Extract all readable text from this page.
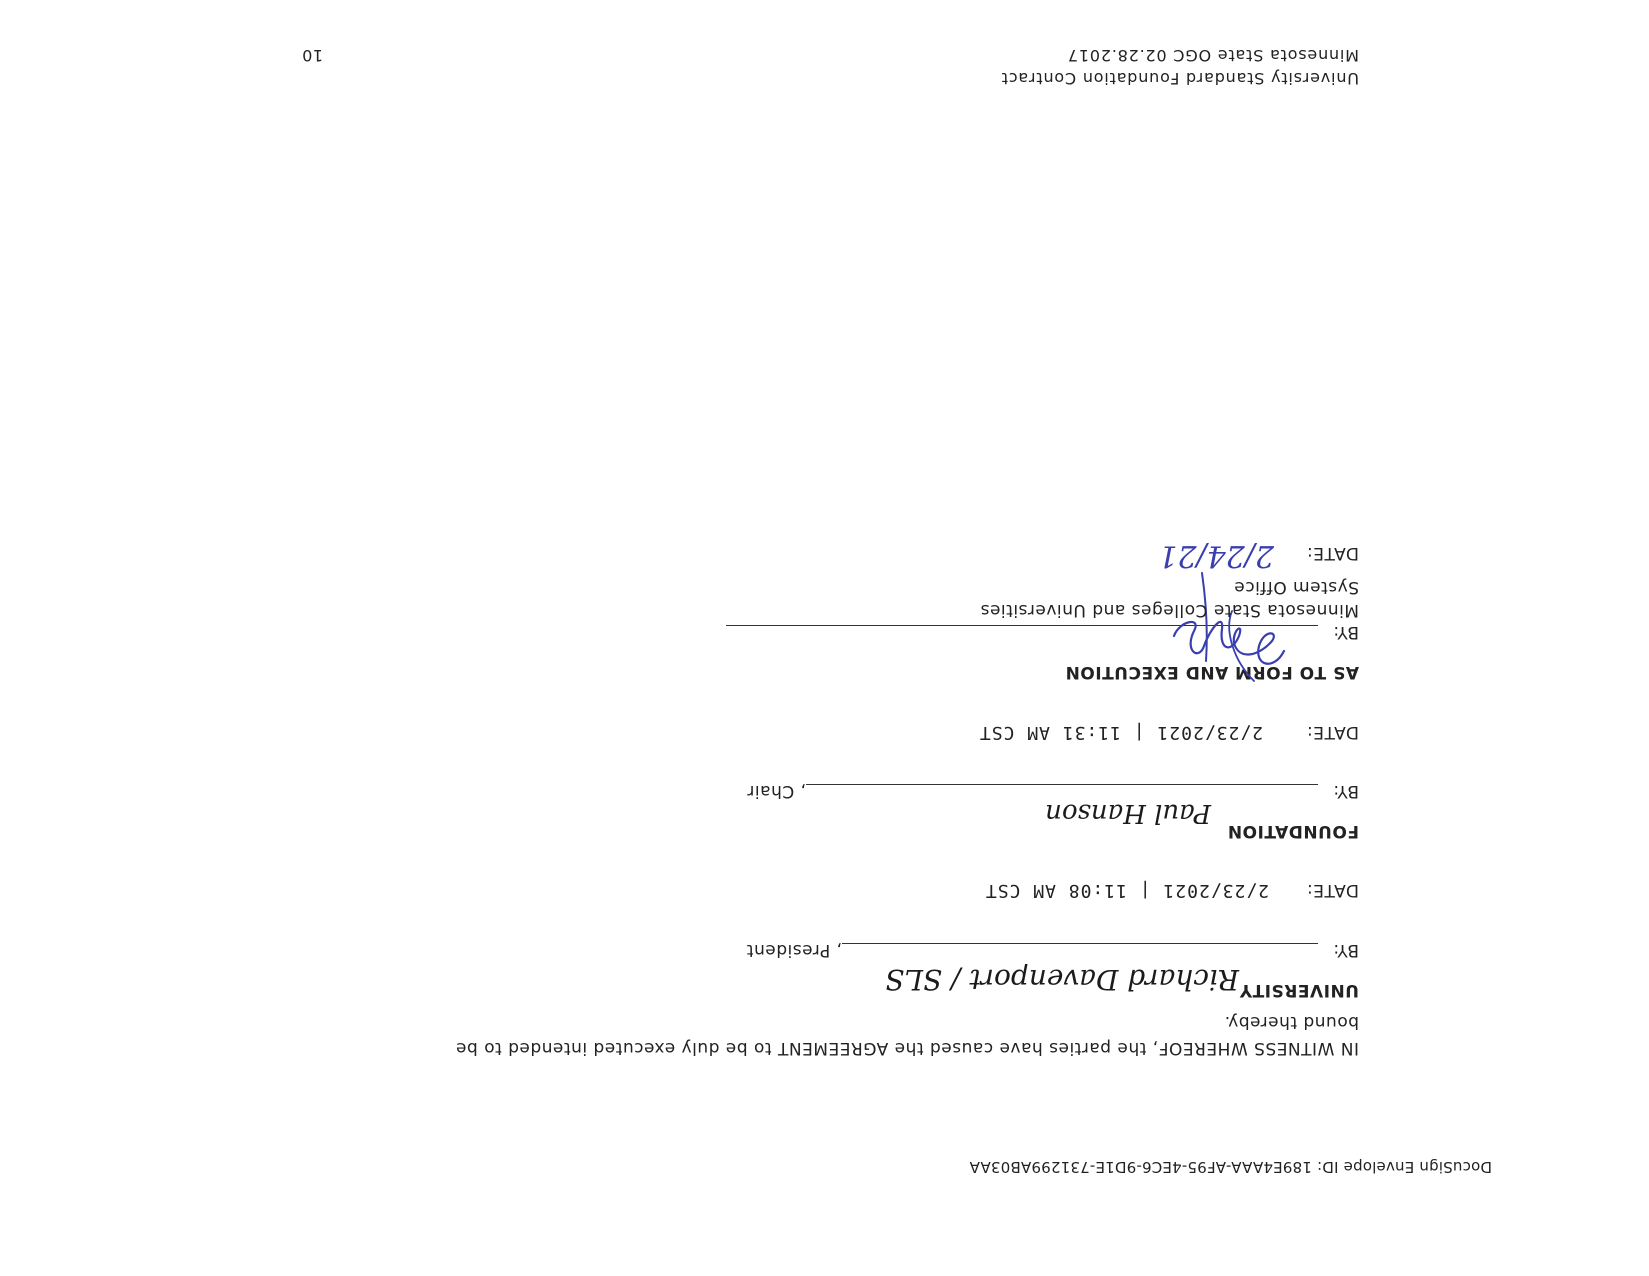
DocuSign Envelope ID: 189E4AAA-AF95-4EC6-9D1E-731299AB03AA
IN WITNESS WHEREOF, the parties have caused the AGREEMENT to be duly executed intended to be
bound thereby.
UNIVERSITY
BY:
Richard Davenport / SLS
, President
DATE:
2/23/2021 | 11:08 AM CST
FOUNDATION
BY:
Paul Hanson
, Chair
DATE:
2/23/2021 | 11:31 AM CST
AS TO FORM AND EXECUTION
BY:
Minnesota State Colleges and Universities
System Office
DATE:
2/24/21
University Standard Foundation Contract
Minnesota State OGC 02.28.2017
10
